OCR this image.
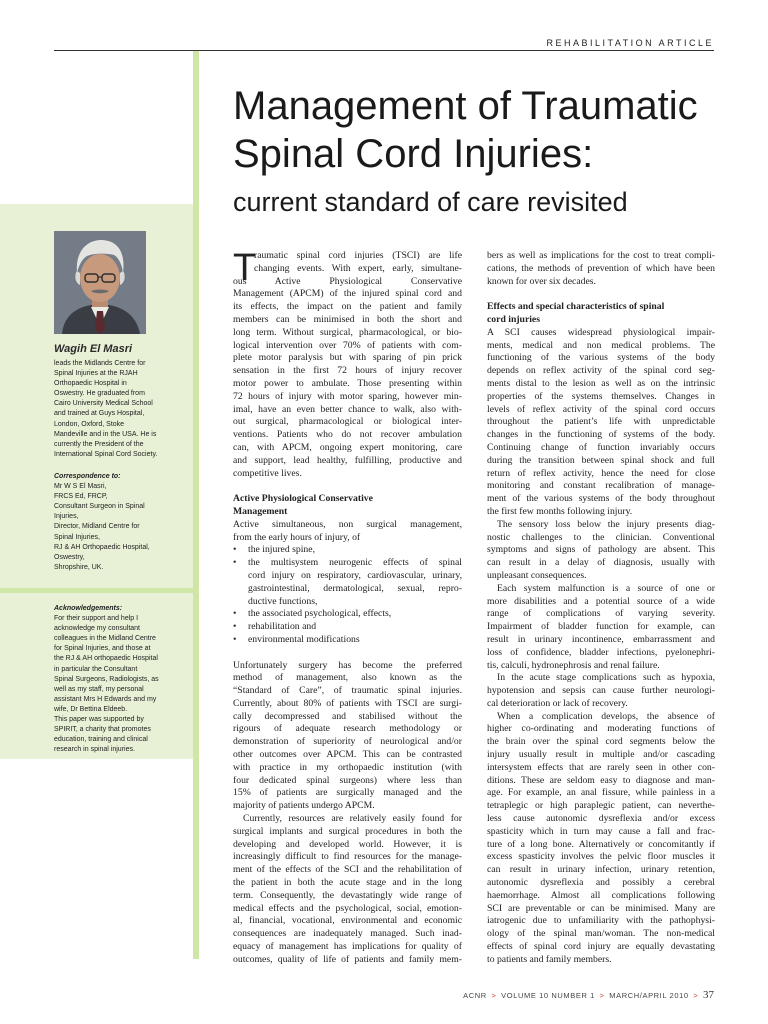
REHABILITATION ARTICLE
Management of Traumatic
Spinal Cord Injuries:
current standard of care revisited
Wagih El Masri
leads the Midlands Centre for
Spinal Injuries at the RJAH
Orthopaedic Hospital in
Oswestry. He graduated from
Cairo University Medical School
and trained at Guys Hospital,
London, Oxford, Stoke
Mandeville and in the USA. He is
currently the President of the
International Spinal Cord Society.
Correspondence to:
Mr W S El Masri,
FRCS Ed, FRCP,
Consultant Surgeon in Spinal
Injuries,
Director, Midland Centre for
Spinal Injuries,
RJ & AH Orthopaedic Hospital,
Oswestry,
Shropshire, UK.
Acknowledgements:
For their support and help I
acknowledge my consultant
colleagues in the Midland Centre
for Spinal Injuries, and those at
the RJ & AH orthopaedic Hospital
in particular the Consultant
Spinal Surgeons, Radiologists, as
well as my staff, my personal
assistant Mrs H Edwards and my
wife, Dr Bettina Eldeeb.
This paper was supported by
SPIRIT, a charity that promotes
education, training and clinical
research in spinal injuries.
T
raumatic spinal cord injuries (TSCI) are life
changing events. With expert, early, simultane-
ous Active Physiological Conservative
Management (APCM) of the injured spinal cord and
its effects, the impact on the patient and family
members can be minimised in both the short and
long term. Without surgical, pharmacological, or bio-
logical intervention over 70% of patients with com-
plete motor paralysis but with sparing of pin prick
sensation in the first 72 hours of injury recover
motor power to ambulate. Those presenting within
72 hours of injury with motor sparing, however min-
imal, have an even better chance to walk, also with-
out surgical, pharmacological or biological inter-
ventions. Patients who do not recover ambulation
can, with APCM, ongoing expert monitoring, care
and support, lead healthy, fulfilling, productive and
competitive lives.
Active Physiological Conservative
Management
Active simultaneous, non surgical management,
from the early hours of injury, of
• the injured spine,
• the multisystem neurogenic effects of spinal
cord injury on respiratory, cardiovascular, urinary,
gastrointestinal, dermatological, sexual, repro-
ductive functions,
• the associated psychological, effects,
• rehabilitation and
• environmental modifications
Unfortunately surgery has become the preferred
method of management, also known as the
“Standard of Care”, of traumatic spinal injuries.
Currently, about 80% of patients with TSCI are surgi-
cally decompressed and stabilised without the
rigours of adequate research methodology or
demonstration of superiority of neurological and/or
other outcomes over APCM. This can be contrasted
with practice in my orthopaedic institution (with
four dedicated spinal surgeons) where less than
15% of patients are surgically managed and the
majority of patients undergo APCM.
Currently, resources are relatively easily found for
surgical implants and surgical procedures in both the
developing and developed world. However, it is
increasingly difficult to find resources for the manage-
ment of the effects of the SCI and the rehabilitation of
the patient in both the acute stage and in the long
term. Consequently, the devastatingly wide range of
medical effects and the psychological, social, emotion-
al, financial, vocational, environmental and economic
consequences are inadequately managed. Such inad-
equacy of management has implications for quality of
outcomes, quality of life of patients and family mem-
bers as well as implications for the cost to treat compli-
cations, the methods of prevention of which have been
known for over six decades.
Effects and special characteristics of spinal
cord injuries
A SCI causes widespread physiological impair-
ments, medical and non medical problems. The
functioning of the various systems of the body
depends on reflex activity of the spinal cord seg-
ments distal to the lesion as well as on the intrinsic
properties of the systems themselves. Changes in
levels of reflex activity of the spinal cord occurs
throughout the patient’s life with unpredictable
changes in the functioning of systems of the body.
Continuing change of function invariably occurs
during the transition between spinal shock and full
return of reflex activity, hence the need for close
monitoring and constant recalibration of manage-
ment of the various systems of the body throughout
the first few months following injury.
The sensory loss below the injury presents diag-
nostic challenges to the clinician. Conventional
symptoms and signs of pathology are absent. This
can result in a delay of diagnosis, usually with
unpleasant consequences.
Each system malfunction is a source of one or
more disabilities and a potential source of a wide
range of complications of varying severity.
Impairment of bladder function for example, can
result in urinary incontinence, embarrassment and
loss of confidence, bladder infections, pyelonephri-
tis, calculi, hydronephrosis and renal failure.
In the acute stage complications such as hypoxia,
hypotension and sepsis can cause further neurologi-
cal deterioration or lack of recovery.
When a complication develops, the absence of
higher co-ordinating and moderating functions of
the brain over the spinal cord segments below the
injury usually result in multiple and/or cascading
intersystem effects that are rarely seen in other con-
ditions. These are seldom easy to diagnose and man-
age. For example, an anal fissure, while painless in a
tetraplegic or high paraplegic patient, can neverthe-
less cause autonomic dysreflexia and/or excess
spasticity which in turn may cause a fall and frac-
ture of a long bone. Alternatively or concomitantly if
excess spasticity involves the pelvic floor muscles it
can result in urinary infection, urinary retention,
autonomic dysreflexia and possibly a cerebral
haemorrhage. Almost all complications following
SCI are preventable or can be minimised. Many are
iatrogenic due to unfamiliarity with the pathophysi-
ology of the spinal man/woman. The non-medical
effects of spinal cord injury are equally devastating
to patients and family members.
ACNR > VOLUME 10 NUMBER 1 > MARCH/APRIL 2010 > 37
